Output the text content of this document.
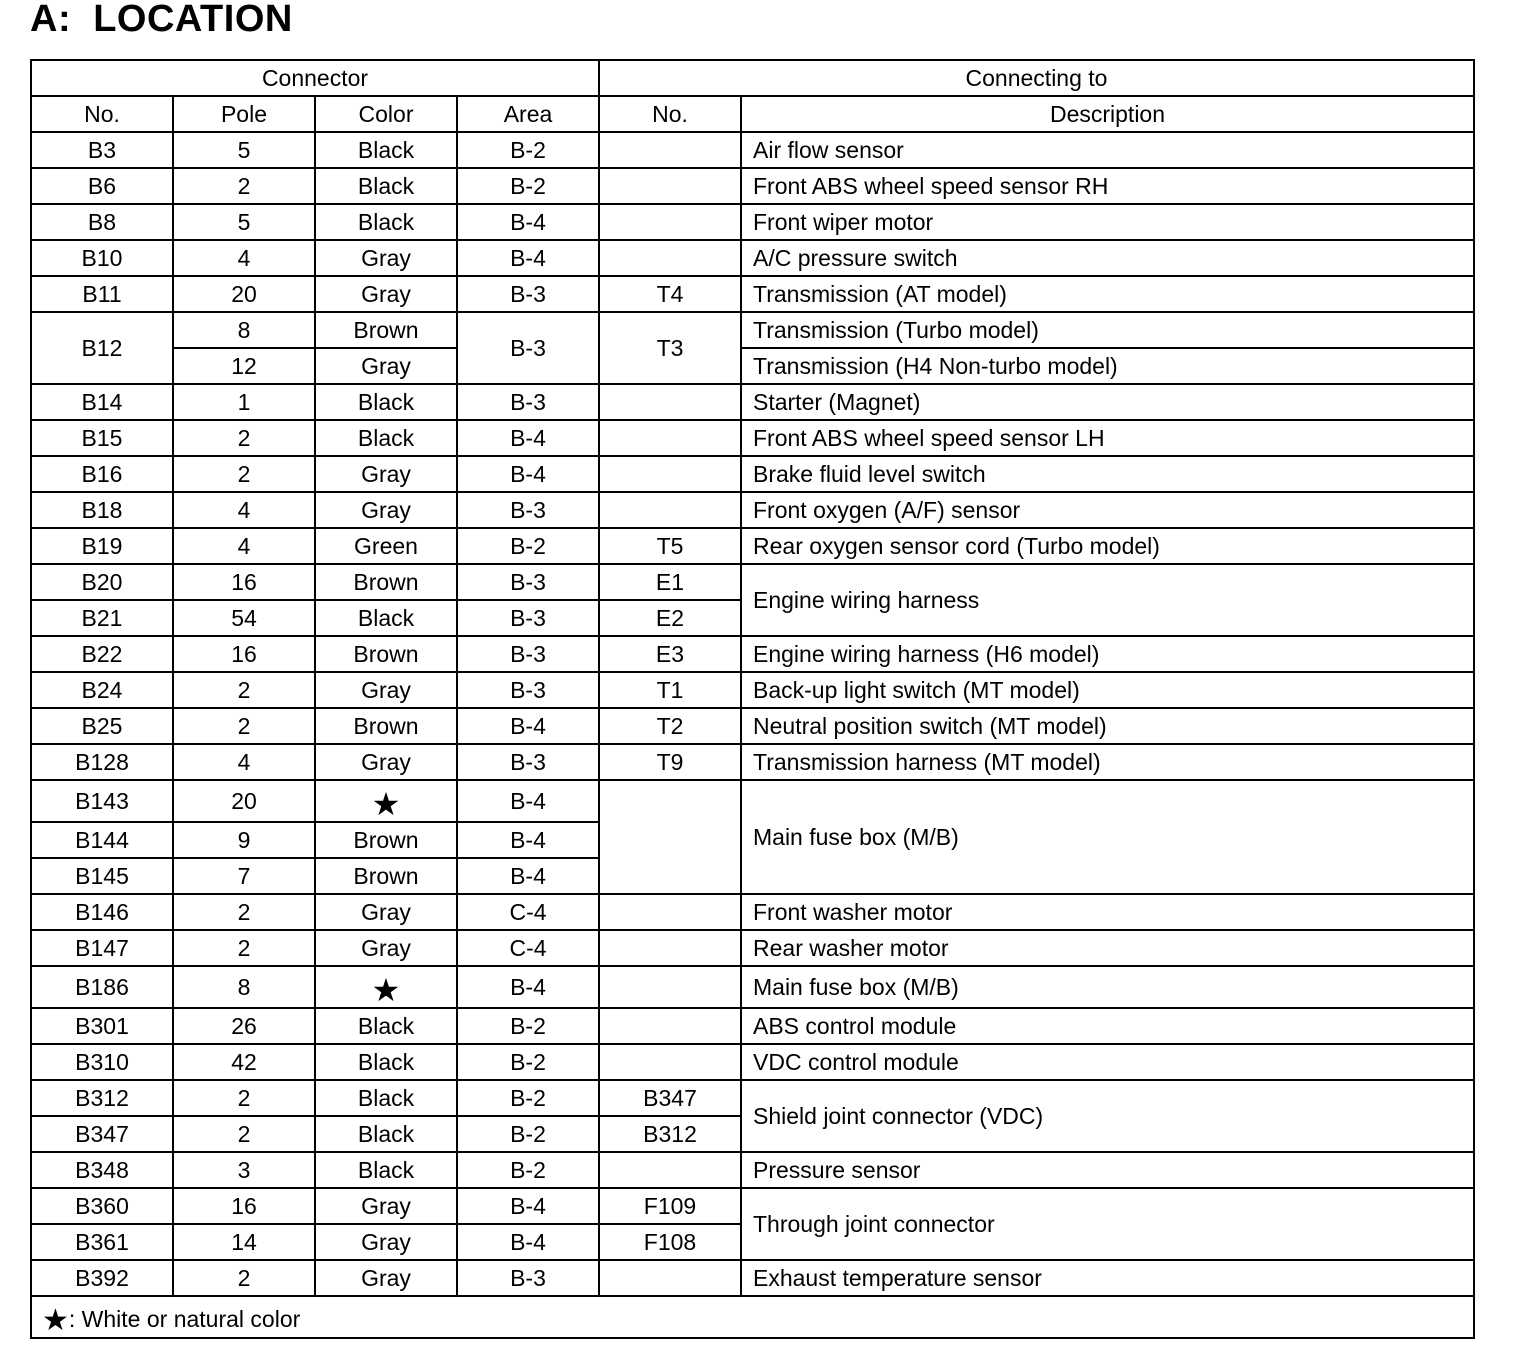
A:  LOCATION
Connector				Connecting to	
No.	Pole	Color	Area	No.	Description
B3	5	Black	B-2		Air flow sensor
B6	2	Black	B-2		Front ABS wheel speed sensor RH
B8	5	Black	B-4		Front wiper motor
B10	4	Gray	B-4		A/C pressure switch
B11	20	Gray	B-3	T4	Transmission (AT model)
B12	8	Brown	B-3	T3	Transmission (Turbo model)
	12	Gray			Transmission (H4 Non-turbo model)
B14	1	Black	B-3		Starter (Magnet)
B15	2	Black	B-4		Front ABS wheel speed sensor LH
B16	2	Gray	B-4		Brake fluid level switch
B18	4	Gray	B-3		Front oxygen (A/F) sensor
B19	4	Green	B-2	T5	Rear oxygen sensor cord (Turbo model)
B20	16	Brown	B-3	E1	Engine wiring harness
B21	54	Black	B-3	E2	
B22	16	Brown	B-3	E3	Engine wiring harness (H6 model)
B24	2	Gray	B-3	T1	Back-up light switch (MT model)
B25	2	Brown	B-4	T2	Neutral position switch (MT model)
B128	4	Gray	B-3	T9	Transmission harness (MT model)
B143	20	★	B-4		Main fuse box (M/B)
B144	9	Brown	B-4		
B145	7	Brown	B-4		
B146	2	Gray	C-4		Front washer motor
B147	2	Gray	C-4		Rear washer motor
B186	8	★	B-4		Main fuse box (M/B)
B301	26	Black	B-2		ABS control module
B310	42	Black	B-2		VDC control module
B312	2	Black	B-2	B347	Shield joint connector (VDC)
B347	2	Black	B-2	B312	
B348	3	Black	B-2		Pressure sensor
B360	16	Gray	B-4	F109	Through joint connector
B361	14	Gray	B-4	F108	
B392	2	Gray	B-3		Exhaust temperature sensor
★: White or natural color					
